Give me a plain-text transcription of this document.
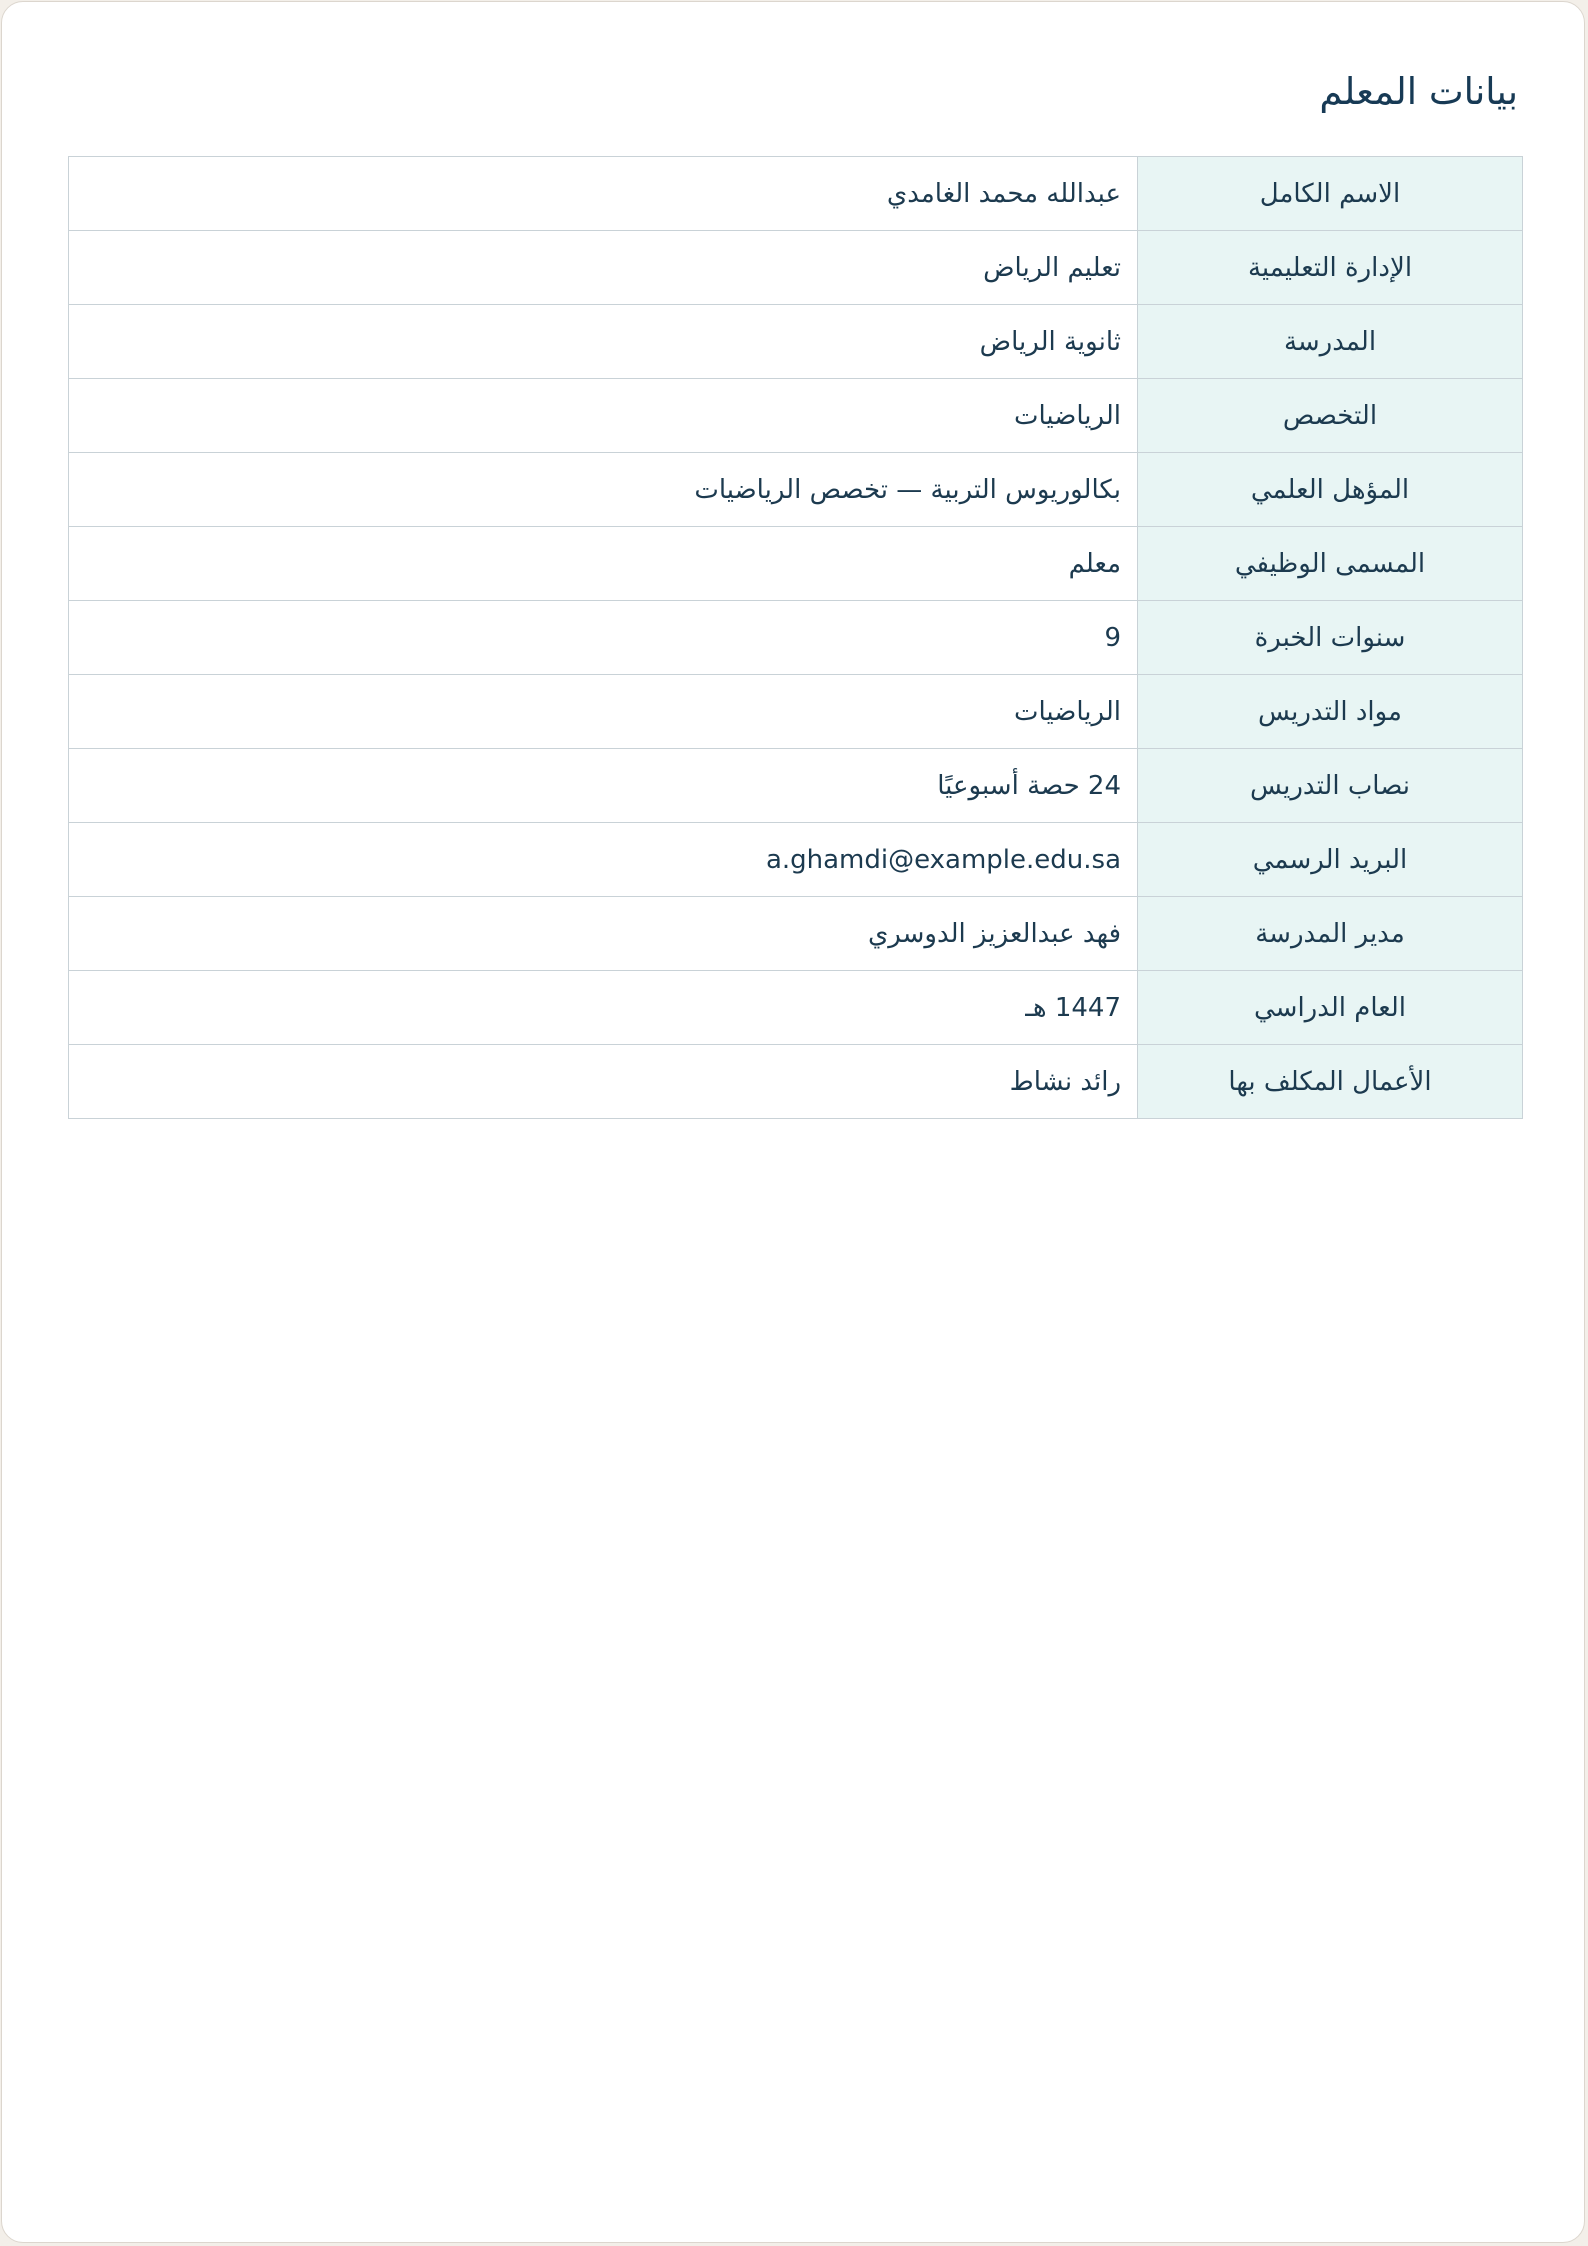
بيانات المعلم
الاسم الكامل	عبدالله محمد الغامدي
الإدارة التعليمية	تعليم الرياض
المدرسة	ثانوية الرياض
التخصص	الرياضيات
المؤهل العلمي	بكالوريوس التربية — تخصص الرياضيات
المسمى الوظيفي	معلم
سنوات الخبرة	9
مواد التدريس	الرياضيات
نصاب التدريس	24 حصة أسبوعيًا
البريد الرسمي	a.ghamdi@example.edu.sa
مدير المدرسة	فهد عبدالعزيز الدوسري
العام الدراسي	1447 هـ
الأعمال المكلف بها	رائد نشاط
